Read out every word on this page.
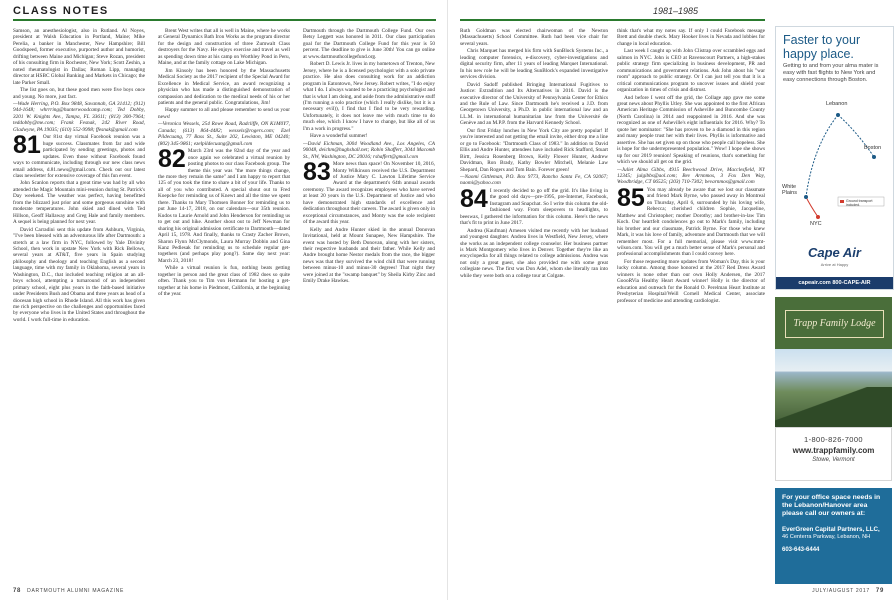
CLASS NOTES

Samson, an anesthesiologist, also in Rutland. Al Noyes, president at Walsh Education in Portland, Maine; Mike Perelia, a banker in Manchester, New Hampshire; Bill Goodspeed, former executive, purported author and humorist, drifting between Maine and Michigan; Steve Rozan, president of his consulting firm in Rochester, New York; Scott Zeshin, a noted rheumatologist in Dallas; Roman Lipp, managing director at HSBC Global Banking and Markets in Chicago; the late Parker Small.

The list goes on, but these good men were five boys once and young. No more, just fact.

—Wade Herring, P.O. Box 9848, Savannah, GA 31412; (912) 944-1648; whrrring@hunterwoodcamp.com; Ted Dobby, 3201 W. Knights Ave., Tampa, FL 33611; (813) 300-7964; teddobby@me.com; Frank Fesnak, 242 River Road, Gladwyne, PA 19035; (610) 552-9998; ffesnak@gmail.com

81 Our 81st day virtual Facebook reunion was a huge success. Classmates from far and wide participated by sending greetings, photos and updates. Even those without Facebook found ways to communicate, including through our new class news email address, d.81.news@gmail.com. Check out our latest class newsletter for extensive coverage of this fun event.

John Scanlon reports that a great time was had by all who attended the Magic Mountain mini-reunion during St. Patrick's Day weekend. The weather was perfect, having benefitted from the blizzard just prior and some gorgeous sunshine with moderate temperatures. John skied and dined with Ted Hillson, Geoff Hallaway and Greg Hale and family members. A sequel is being planned for next year.

David Carradini sent this update from Ashburn, Virginia, "I've been blessed with an adventurous life after Dartmouth: a stretch at a law firm in NYC, followed by Yale Divinity School, then work in upstate New York with Rick Bellows, several years at AT&T, five years in Spain studying philosophy and theology and teaching English as a second language, time with my family in Oklahoma, several years in Washington, D.C., that included teaching religion at an all-boys school, attempting a turnaround of an independent primary school, eight plus years in the faith-based initiative under Presidents Bush and Obama and three years as head of a diocesan high school in Rhode Island. All this work has given me rich perspective on the challenges and opportunities faced by everyone who lives in the United States and throughout the world. I work full-time in education.

Brent West writes that all is well in Maine, where he works at General Dynamics Bath Iron Works as the program director for the design and construction of three Zumwalt Class destroyers for the Navy. He enjoys exercise and travel as well as spending down time at his camp on Worthley Pond in Peru, Maine, and at the family cottage on Lake Michigan.

Jim Kinsoly has been honored by the Massachusetts Medical Society as the 2017 recipient of the Special Award for Excellence in Medical Service, an award recognizing a physician who has made a distinguished demonstration of compassion and dedication to the medical needs of his or her patients and the general public. Congratulations, Jim!

Happy summer to all and please remember to send us your news!

—Veronica Wessels, 254 Rowe Road, Radcliffe, ON K1M0Y7, Canada; (613) 864-4482; wessels@rogers.com; Ezel Pildecuang, 77 Bass St., Suite 202, Lewiston, ME 04240; (802) 345-9861; ezelpildecuang@gmail.com

82 March 23rd was the 82nd day of the year and once again we celebrated a virtual reunion by posting photos to our class Facebook group. The theme this year was "the more things change, the more they remain the same" and I am happy to report that 125 of you took the time to share a bit of your life. Thanks to all of you who contributed. A special shout out to Fred Koepcke for reminding us of Knewt and all the time we spent there. Thanks to Mary Thomsen Bonner for reminding us to put June 14-17, 2018, on our calendars—our 35th reunion. Kudos to Laurie Arnold and John Henderson for reminding us to get out and hike. Another shout out to Jeff Newman for sharing his original admission certificate to Dartmouth—dated April 15, 1978. And finally, thanks to Crasty Zacher Brown, Sharon Flynn McClymonds, Laura Murray Dobbin and Gina Kanz Pedlesak for reminding us to schedule regular get-togethers (and perhaps play pong?). Same day next year: March 23, 2018!

While a virtual reunion is fun, nothing beats getting together in person and the great class of 1982 does so quite often. Thank you to Tim von Hermann for hosting a get-together at his home in Piedmont, California, at the beginning of the year.

Dartmouth through the Dartmouth College Fund. Our own Betsy Leggett was honored in 2011. Our class participation goal for the Dartmouth College Fund for this year is 50 percent. The deadline to give is June 30th! You can go online at www.dartmouthcollegefund.org.

Robert D. Lewis Jr. lives in my hometown of Trenton, New Jersey, where he is a licensed psychologist with a solo private practice. He also does consulting work for an addiction program in Eatontown, New Jersey. Robert writes, "I do enjoy what I do. I always wanted to be a practicing psychologist and that is what I am doing, and aside from the administrative stuff (I'm running a solo practice (which I really dislike, but it is a necessary evil)), I find that I find to be very rewarding. Unfortunately, it does not leave me with much time to do much else, which I know I have to change, but like all of us I'm a work in progress."

Have a wonderful summer!

—David Eichman, 3004 Woodland Ave., Los Angeles, CA 90048, deichm@hughshall.net; Robin Shaffert, 3044 Macomb St., NW, Washington, DC 20016; rshaffert@gmail.com

83 More news than space! On November 10, 2016, Monty Wilkinson received the U.S. Department of Justice Mary C. Lawton Lifetime Service Award at the department's 64th annual awards ceremony. The award recognizes employees who have served at least 20 years in the U.S. Department of Justice and who have demonstrated high standards of excellence and dedication throughout their careers. The award is given only in exceptional circumstances, and Monty was the sole recipient of the award this year.

Kelly and Andre Hunter skied in the annual Donovan Invitational, held at Mount Sunapee, New Hampshire. The event was hosted by Beth Donovan, along with her sisters, their respective husbands and their father. While Kelly and Andre brought home Nestor medals from the race, the bigger news was that they survived the wind chill that were running between minus-10 and minus-30 degrees! That night they were joined at the "swamp banquet" by Sheila Kirby Zinc and Emily Drake Hawkes.

78 DARTMOUTH ALUMNI MAGAZINE
1981–1985

Ruth Goldman was elected chairwoman of the Newton (Massachusetts) School Committee. Ruth had been vice chair for several years.

Chris Marquet has merged his firm with SunBlock Systems Inc., a leading computer forensics, e-discovery, cyber-investigations and digital security firm, after 11 years of leading Marquet International. In his new role he will be leading SunBlock's expanded investigative services division.

David Sadoff published Bringing International Fugitives to Justice: Extradition and Its Alternatives in 2016. David is the executive director of the University of Pennsylvania Center for Ethics and the Rule of Law. Since Dartmouth he's received a J.D. from Georgetown University, a Ph.D. in public international law and an LL.M. in international humanitarian law from the Université de Genève and an M.P.P. from the Harvard Kennedy School.

Our first Friday lunches in New York City are pretty popular! If you're interested and not getting the email invite, either drop me a line or go to Facebook: "Dartmouth Class of 1983." In addition to David Ellis and Andre Hunter, attendees have included Rick Stafford, Stuart Birtt, Jessica Rosenberg Brown, Kelly Flower Hunter, Andrew Davidman, Ron Brady, Kathy Bowler Mitchell, Melanie Law Shepard, Dan Rogers and Tom Bain. Forever green!

—Naomi Gittleman, P.O. Box 9773, Rancho Santa Fe, CA 92067; naomi@yahoo.com

84 I recently decided to go off the grid. It's like living in the good old days—pre-1995, pre-Internet, Facebook, Instagram and Snapchat. So I write this column the old-fashioned way. From sleepovers to headlights, to beeswax, I gathered the information for this column. Here's the news that's fit to print in June 2017.

Andrea (Kaufman) Arnesen visited me recently with her husband and youngest daughter. Andrea lives in Westfield, New Jersey, where she works as an independent college counselor. Her business partner is Mark Montgomery who lives in Denver. Together they're like an encyclopedia for all things related to college admissions. Andrea was not only a great guest, she also provided me with some great collegiate news. The first was Don Adel, whom she literally ran into while they were both on a college tour at Colgate.

think that's what my notes say. If only I could Facebook message Brett and double check. Mary Hooker lives in Nevada and lobbies for change in local education.

Last week I caught up with John Clistrap over scrambled eggs and salmon in NYC. John is CEO at Ravenscourt Partners, a high-stakes public strategy firm specializing in business development, PR and communications and government relations. Ask John about his "war room" approach to public strategy. Or I can just tell you that it is a critical communications program to uncover issues and shield your organization in times of crisis and distrust.

And before I went off the grid, the Collage app gave me some great news about Phyllis Utley. She was appointed to the first African American Heritage Commission of Asheville and Buncombe County (North Carolina) in 2014 and reappointed in 2016. And she was recognized as one of Asheville's eight influentials for 2016. Why? To quote her nominator: "She has proven to be a diamond in this region and many people trust her with their lives. Phyllis is informative and assertive. She has set given up on those who people call hopeless. She is hope for the underrepresented population." Wow! I hope she shows up for our 2019 reunion! Speaking of reunions, that's something for which we should all get on the grid.

—Juliet Alma Gibbs, 4915 Beechwood Drive, Macclesfield, NY 12345; julgibbs@aol.com; Bev Arnnmos, 3 Fox Den Way, Woodbridge, CT 06525; (203) 710-7302; bevarnmos@gmail.com

85 You may already be aware that we lost our classmate and friend Mark Byrne, who passed away in Montreal on Thursday, April 6, surrounded by his loving wife, Rebecca; cherished children Sophie, Jacqueline, Matthew and Christopher; mother Dorothy; and brother-in-law Tim Koch. Our heartfelt condolences go out to Mark's family, including his brother and our classmate, Patrick Byrne. For those who knew Mark, it was his love of family, adventure and Dartmouth that we will remember most. For a full memorial, please visit www.mmt-wilson.com. You will get a much better sense of Mark's personal and professional accomplishments than I could convey here.

For those requesting more updates from Woman's Day, this is your lucky column. Among those honored at the 2017 Red Dress Award winners is none other than our own Holly Andersen, the 2017 GoooRVia Healthy Heart Award winner! Holly is the director of education and outreach for the Ronald O. Perelman Heart Institute at Presbyterian Hospital/Weill Cornell Medical Center, associate professor of medicine and attending cardiologist.

Faster to your happy place.
Getting to and from your alma mater is easy with fast flights to New York and easy connections through Boston.
Lebanon
White Plains
Boston
NYC
Ground transport included.
Cape Air
Arrive at Happy
capeair.com 800-CAPE-AIR
Trapp Family Lodge
1-800-826-7000
www.trappfamily.com
Stowe, Vermont
For your office space needs in the Lebanon/Hanover area please call our owners at:
EverGreen Capital Partners, LLC,
46 Centerra Parkway, Lebanon, NH
603-643-6444
JULY/AUGUST 2017 79
